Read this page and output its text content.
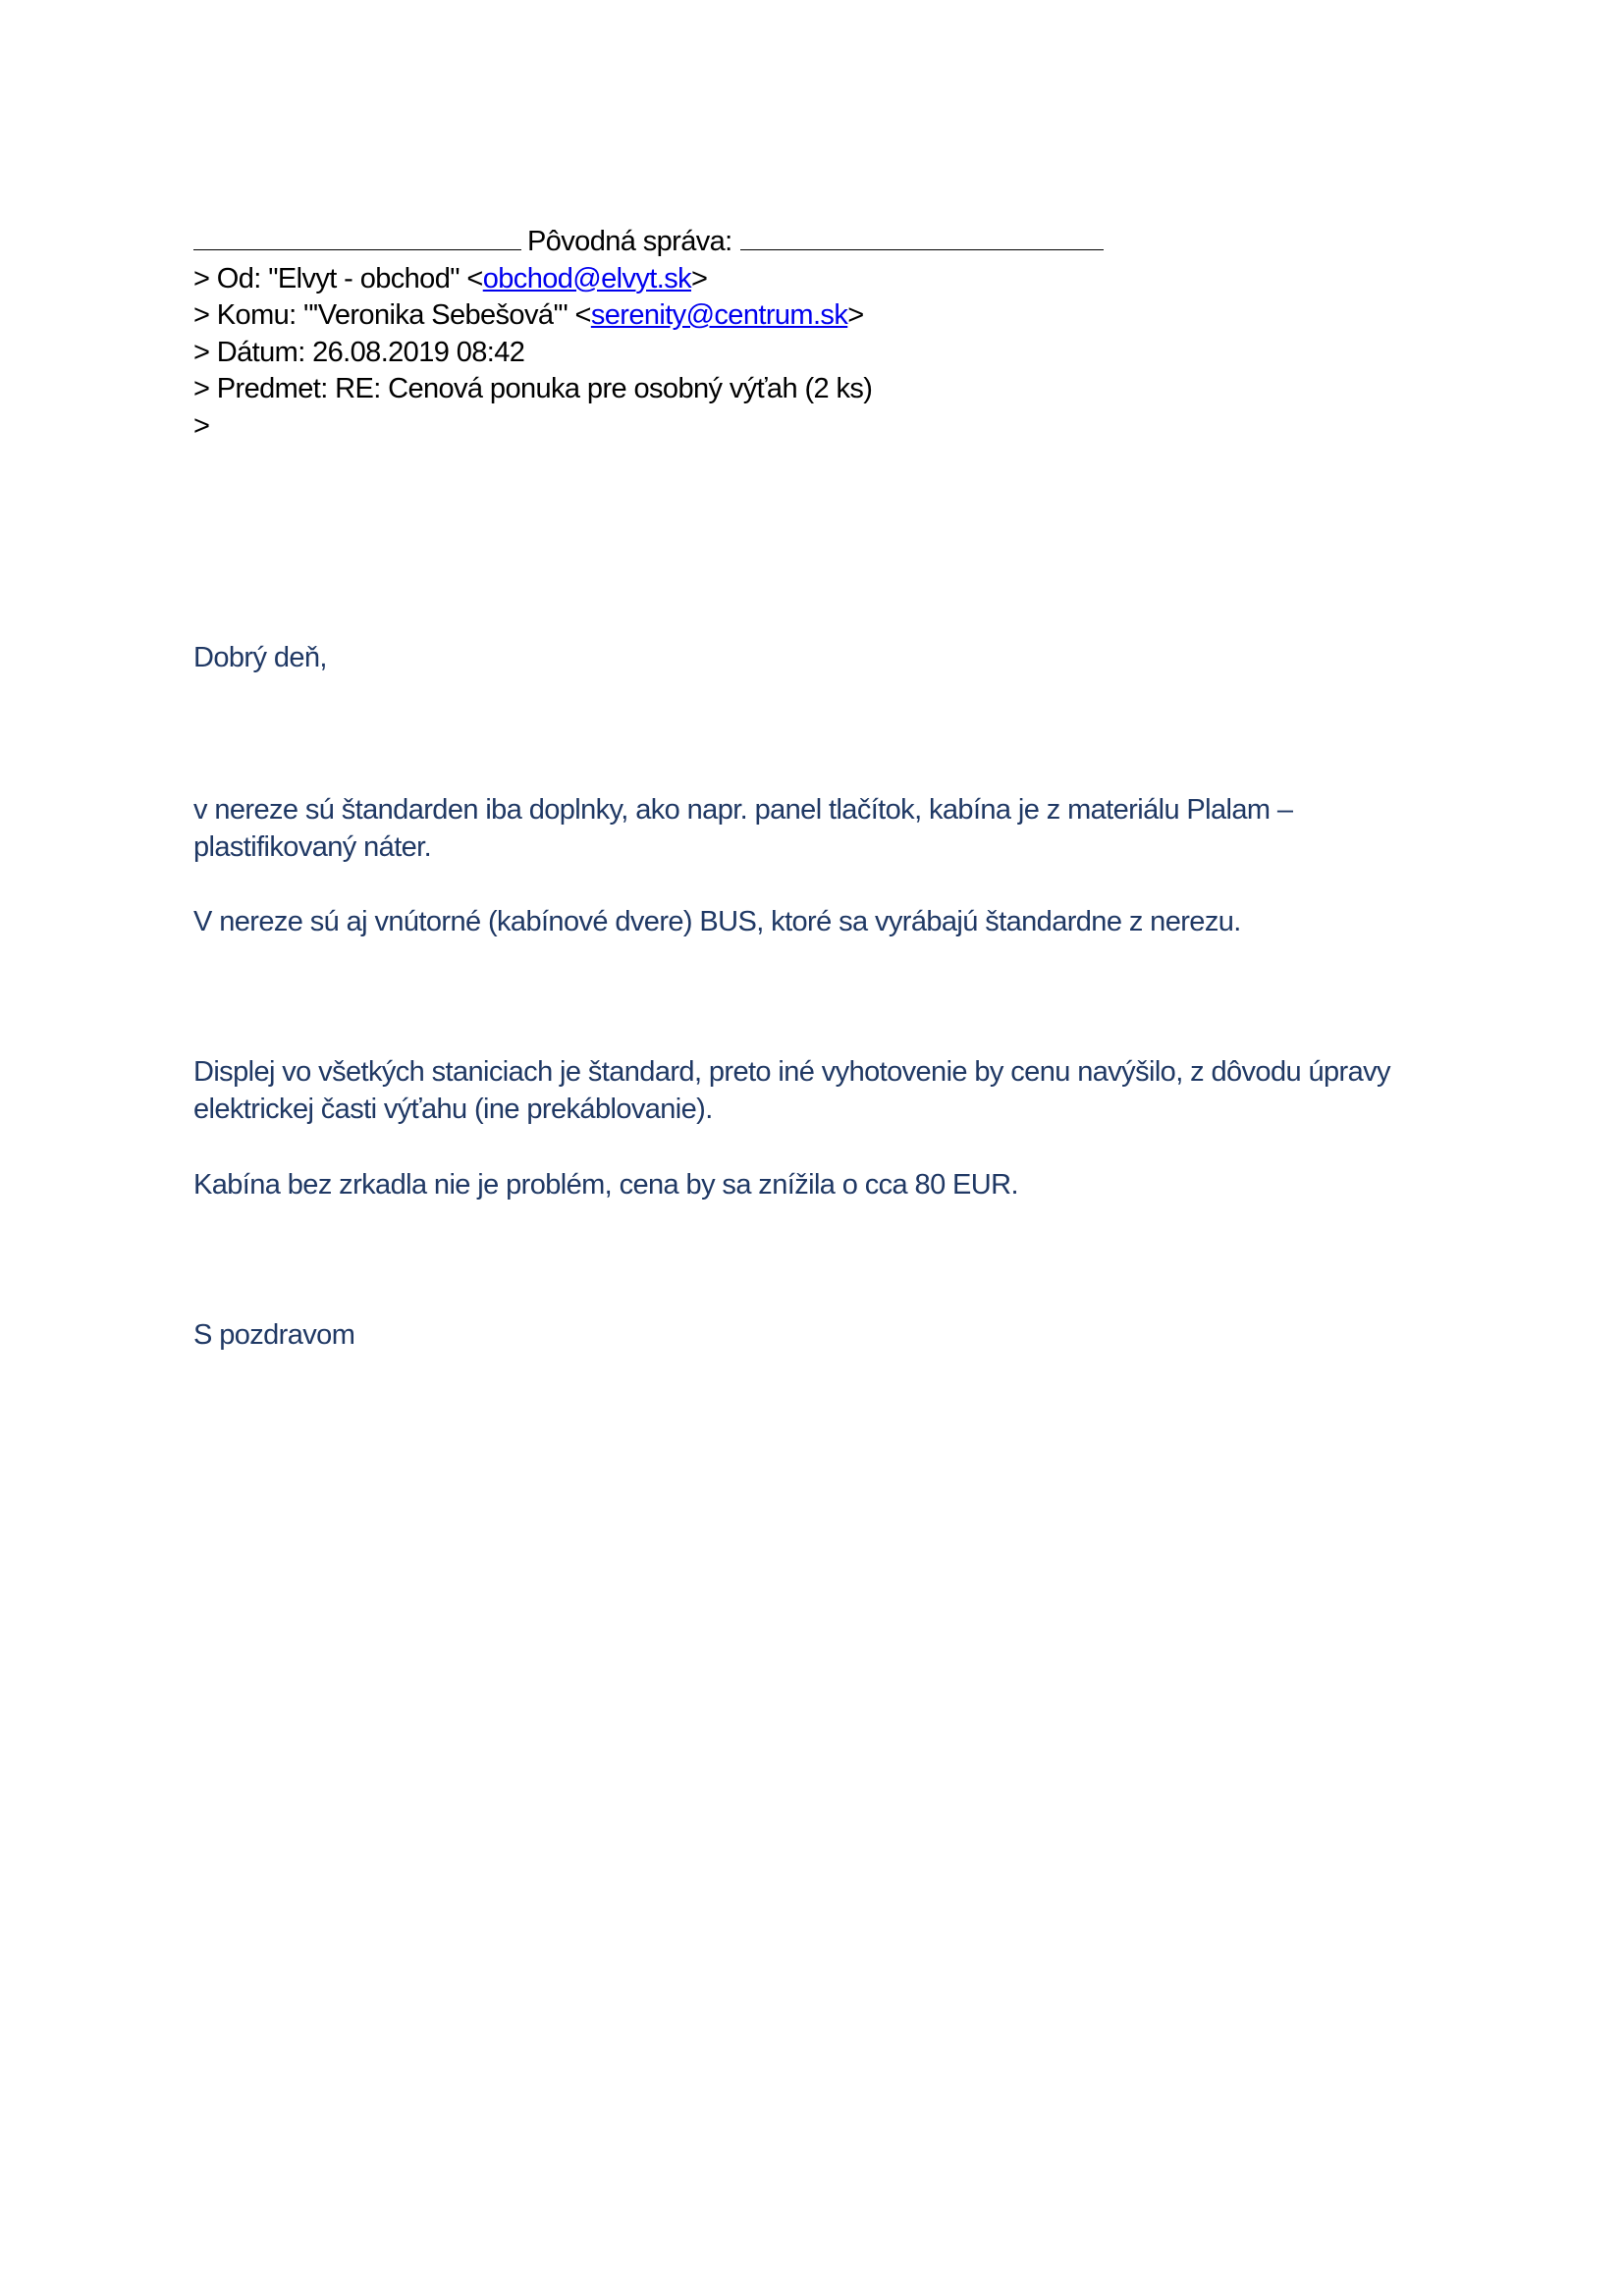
Pôvodná správa:
> Od: "Elvyt - obchod" <obchod@elvyt.sk>
> Komu: "'Veronika Sebešová'" <serenity@centrum.sk>
> Dátum: 26.08.2019 08:42
> Predmet: RE: Cenová ponuka pre osobný výťah (2 ks)
>

Dobrý deň,

v nereze sú štandarden iba doplnky, ako napr. panel tlačítok, kabína je z materiálu Plalam –

plastifikovaný náter.

V nereze sú aj vnútorné (kabínové dvere) BUS, ktoré sa vyrábajú štandardne z nerezu.

Displej vo všetkých staniciach je štandard, preto iné vyhotovenie by cenu navýšilo, z dôvodu úpravy

elektrickej časti výťahu (ine prekáblovanie).

Kabína bez zrkadla nie je problém, cena by sa znížila o cca 80 EUR.

S pozdravom
